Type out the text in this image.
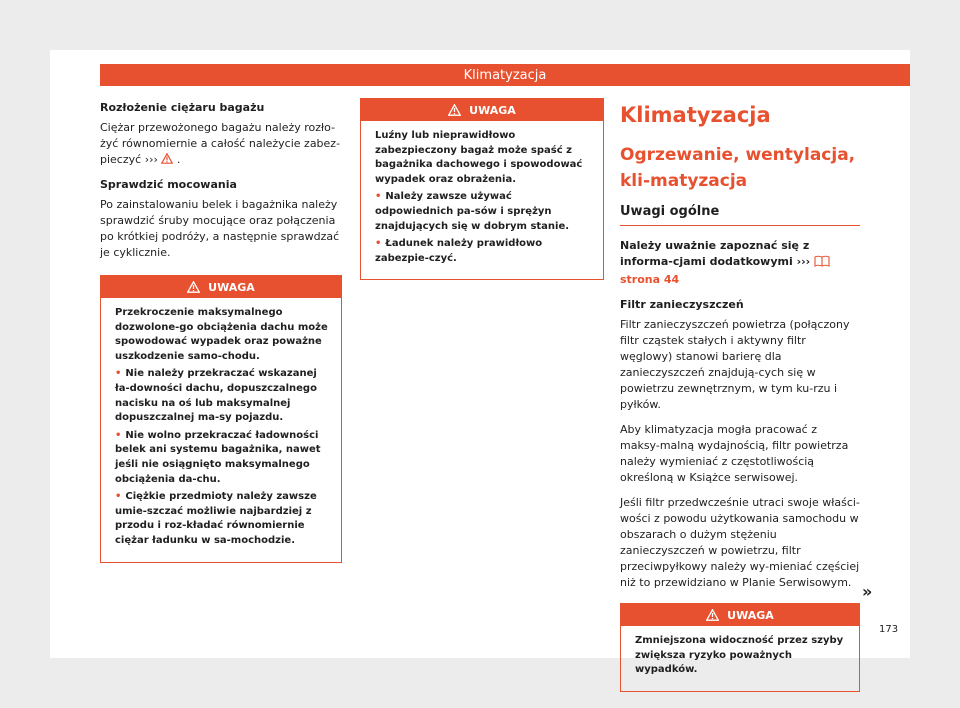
Klimatyzacja
Rozłożenie ciężaru bagażu

Ciężar przewożonego bagażu należy rozło-żyć równomiernie a całość należycie zabez-pieczyć ››› .

Sprawdzić mocowania

Po zainstalowaniu belek i bagażnika należy sprawdzić śruby mocujące oraz połączenia po krótkiej podróży, a następnie sprawdzać je cyklicznie.

UWAGA

Przekroczenie maksymalnego dozwolone-go obciążenia dachu może spowodować wypadek oraz poważne uszkodzenie samo-chodu.

• Nie należy przekraczać wskazanej ła-downości dachu, dopuszczalnego nacisku na oś lub maksymalnej dopuszczalnej ma-sy pojazdu.

• Nie wolno przekraczać ładowności belek ani systemu bagażnika, nawet jeśli nie osiągnięto maksymalnego obciążenia da-chu.

• Ciężkie przedmioty należy zawsze umie-szczać możliwie najbardziej z przodu i roz-kładać równomiernie ciężar ładunku w sa-mochodzie.

UWAGA

Luźny lub nieprawidłowo zabezpieczony bagaż może spaść z bagażnika dachowego i spowodować wypadek oraz obrażenia.

• Należy zawsze używać odpowiednich pa-sów i sprężyn znajdujących się w dobrym stanie.

• Ładunek należy prawidłowo zabezpie-czyć.

Klimatyzacja
Ogrzewanie, wentylacja, kli-matyzacja
Uwagi ogólne

Należy uważnie zapoznać się z informa-cjami dodatkowymi ›››  strona 44

Filtr zanieczyszczeń

Filtr zanieczyszczeń powietrza (połączony filtr cząstek stałych i aktywny filtr węglowy) stanowi barierę dla zanieczyszczeń znajdują-cych się w powietrzu zewnętrznym, w tym ku-rzu i pyłków.

Aby klimatyzacja mogła pracować z maksy-malną wydajnością, filtr powietrza należy wymieniać z częstotliwością określoną w Książce serwisowej.

Jeśli filtr przedwcześnie utraci swoje właści-wości z powodu użytkowania samochodu w obszarach o dużym stężeniu zanieczyszczeń w powietrzu, filtr przeciwpyłkowy należy wy-mieniać częściej niż to przewidziano w Planie Serwisowym.

UWAGA

Zmniejszona widoczność przez szyby zwiększa ryzyko poważnych wypadków.

»
173
